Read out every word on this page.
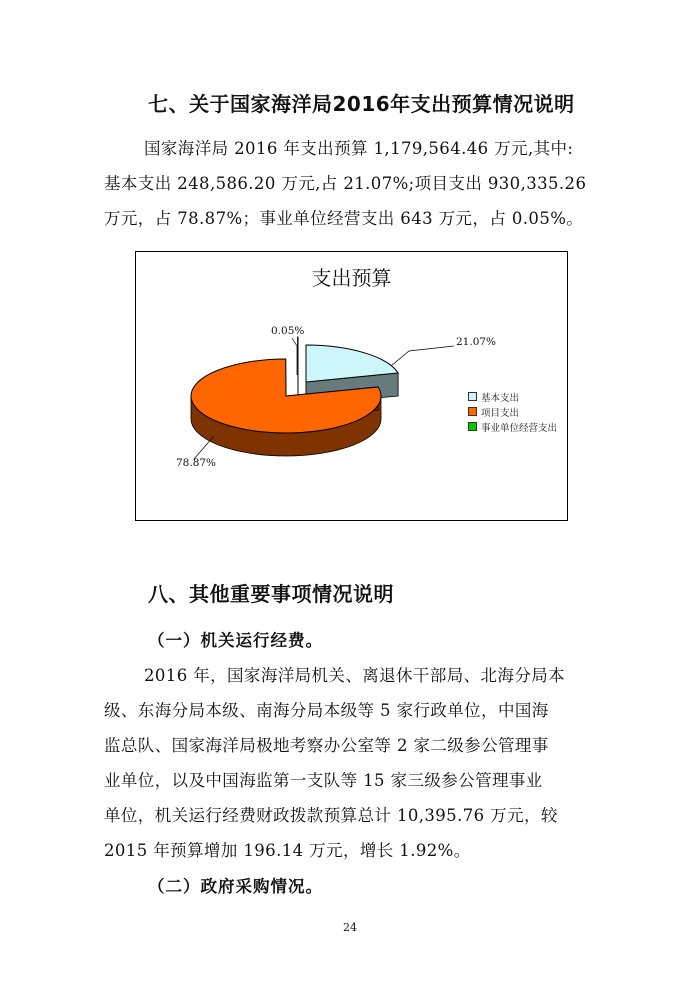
七、关于国家海洋局2016年支出预算情况说明
国家海洋局 2016 年支出预算 1,179,564.46 万元,其中:
基本支出 248,586.20 万元,占 21.07%;项目支出 930,335.26
万元，占 78.87%；事业单位经营支出 643 万元，占 0.05%。
支出预算
21.07%
78.87%
0.05%
基本支出
项目支出
事业单位经营支出
八、其他重要事项情况说明
（一）机关运行经费。
2016 年，国家海洋局机关、离退休干部局、北海分局本
级、东海分局本级、南海分局本级等 5 家行政单位，中国海
监总队、国家海洋局极地考察办公室等 2 家二级参公管理事
业单位，以及中国海监第一支队等 15 家三级参公管理事业
单位，机关运行经费财政拨款预算总计 10,395.76 万元，较
2015 年预算增加 196.14 万元，增长 1.92%。
（二）政府采购情况。
24
